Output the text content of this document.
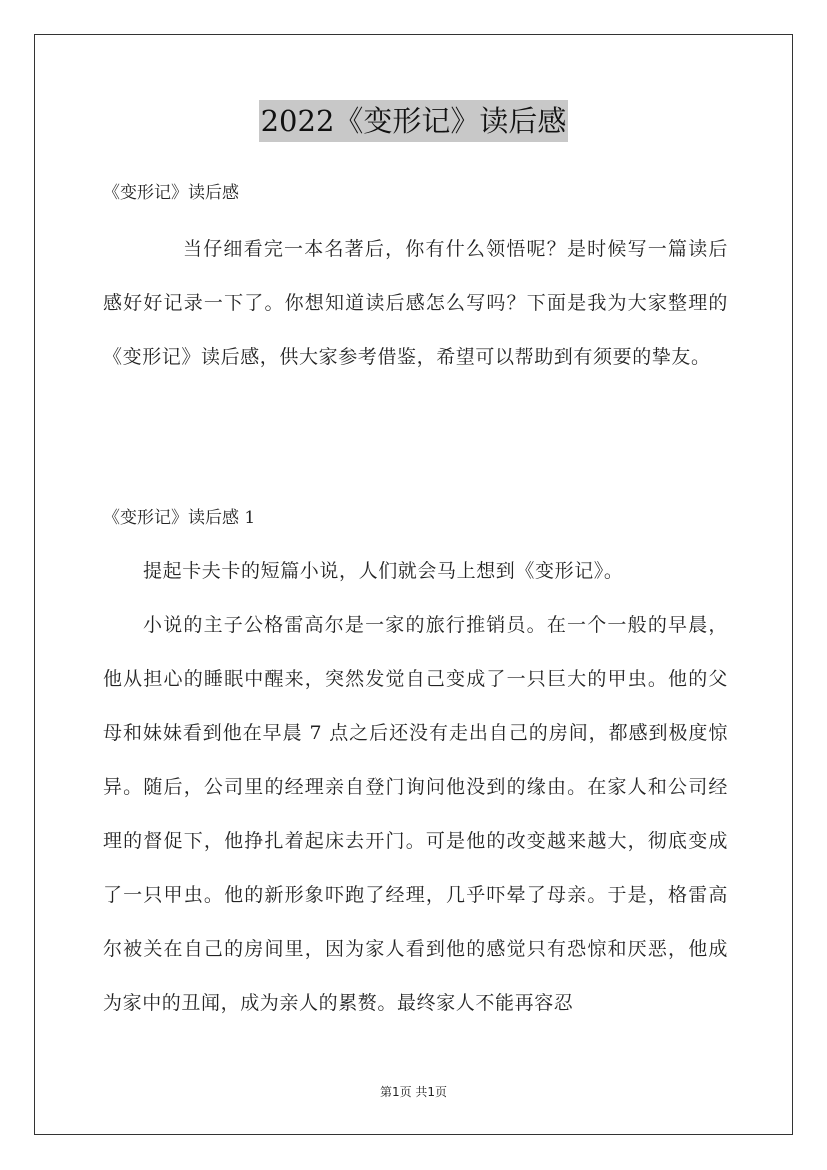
2022《变形记》读后感
《变形记》读后感

当仔细看完一本名著后，你有什么领悟呢？是时候写一篇读后感好好记录一下了。你想知道读后感怎么写吗？下面是我为大家整理的《变形记》读后感，供大家参考借鉴，希望可以帮助到有须要的挚友。

《变形记》读后感 1

提起卡夫卡的短篇小说，人们就会马上想到《变形记》。

小说的主子公格雷高尔是一家的旅行推销员。在一个一般的早晨，他从担心的睡眠中醒来，突然发觉自己变成了一只巨大的甲虫。他的父母和妹妹看到他在早晨 7 点之后还没有走出自己的房间，都感到极度惊异。随后，公司里的经理亲自登门询问他没到的缘由。在家人和公司经理的督促下，他挣扎着起床去开门。可是他的改变越来越大，彻底变成了一只甲虫。他的新形象吓跑了经理，几乎吓晕了母亲。于是，格雷高尔被关在自己的房间里，因为家人看到他的感觉只有恐惊和厌恶，他成为家中的丑闻，成为亲人的累赘。最终家人不能再容忍

第1页 共1页
